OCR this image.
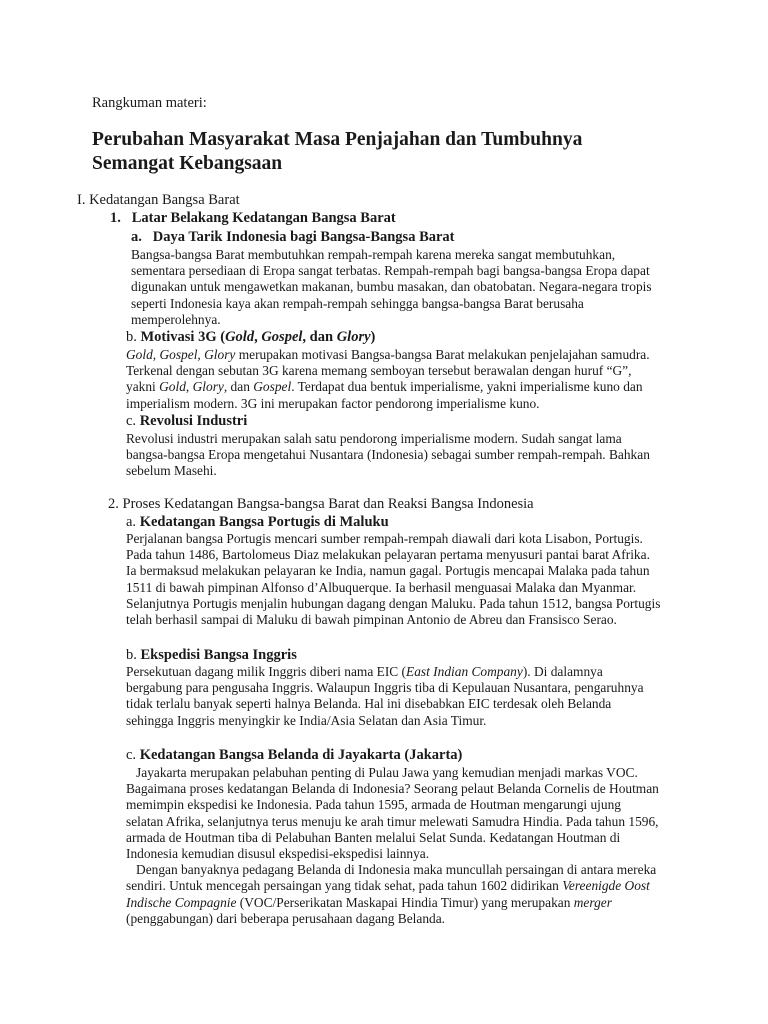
Rangkuman materi:
Perubahan Masyarakat Masa Penjajahan dan Tumbuhnya
Semangat Kebangsaan
I. Kedatangan Bangsa Barat
1.   Latar Belakang Kedatangan Bangsa Barat
a.   Daya Tarik Indonesia bagi Bangsa-Bangsa Barat
Bangsa-bangsa Barat membutuhkan rempah-rempah karena mereka sangat membutuhkan,
sementara persediaan di Eropa sangat terbatas. Rempah-rempah bagi bangsa-bangsa Eropa dapat
digunakan untuk mengawetkan makanan, bumbu masakan, dan obatobatan. Negara-negara tropis
seperti Indonesia kaya akan rempah-rempah sehingga bangsa-bangsa Barat berusaha
memperolehnya.
b. Motivasi 3G (Gold, Gospel, dan Glory)
Gold, Gospel, Glory merupakan motivasi Bangsa-bangsa Barat melakukan penjelajahan samudra.
Terkenal dengan sebutan 3G karena memang semboyan tersebut berawalan dengan huruf “G”,
yakni Gold, Glory, dan Gospel. Terdapat dua bentuk imperialisme, yakni imperialisme kuno dan
imperialism modern. 3G ini merupakan factor pendorong imperialisme kuno.
c. Revolusi Industri
Revolusi industri merupakan salah satu pendorong imperialisme modern. Sudah sangat lama
bangsa-bangsa Eropa mengetahui Nusantara (Indonesia) sebagai sumber rempah-rempah. Bahkan
sebelum Masehi.
2. Proses Kedatangan Bangsa-bangsa Barat dan Reaksi Bangsa Indonesia
a. Kedatangan Bangsa Portugis di Maluku
Perjalanan bangsa Portugis mencari sumber rempah-rempah diawali dari kota Lisabon, Portugis.
Pada tahun 1486, Bartolomeus Diaz melakukan pelayaran pertama menyusuri pantai barat Afrika.
Ia bermaksud melakukan pelayaran ke India, namun gagal. Portugis mencapai Malaka pada tahun
1511 di bawah pimpinan Alfonso d’Albuquerque. Ia berhasil menguasai Malaka dan Myanmar.
Selanjutnya Portugis menjalin hubungan dagang dengan Maluku. Pada tahun 1512, bangsa Portugis
telah berhasil sampai di Maluku di bawah pimpinan Antonio de Abreu dan Fransisco Serao.
b. Ekspedisi Bangsa Inggris
Persekutuan dagang milik Inggris diberi nama EIC (East Indian Company). Di dalamnya
bergabung para pengusaha Inggris. Walaupun Inggris tiba di Kepulauan Nusantara, pengaruhnya
tidak terlalu banyak seperti halnya Belanda. Hal ini disebabkan EIC terdesak oleh Belanda
sehingga Inggris menyingkir ke India/Asia Selatan dan Asia Timur.
c. Kedatangan Bangsa Belanda di Jayakarta (Jakarta)
Jayakarta merupakan pelabuhan penting di Pulau Jawa yang kemudian menjadi markas VOC.
Bagaimana proses kedatangan Belanda di Indonesia? Seorang pelaut Belanda Cornelis de Houtman
memimpin ekspedisi ke Indonesia. Pada tahun 1595, armada de Houtman mengarungi ujung
selatan Afrika, selanjutnya terus menuju ke arah timur melewati Samudra Hindia. Pada tahun 1596,
armada de Houtman tiba di Pelabuhan Banten melalui Selat Sunda. Kedatangan Houtman di
Indonesia kemudian disusul ekspedisi-ekspedisi lainnya.
Dengan banyaknya pedagang Belanda di Indonesia maka muncullah persaingan di antara mereka
sendiri. Untuk mencegah persaingan yang tidak sehat, pada tahun 1602 didirikan Vereenigde Oost
Indische Compagnie (VOC/Perserikatan Maskapai Hindia Timur) yang merupakan merger
(penggabungan) dari beberapa perusahaan dagang Belanda.
